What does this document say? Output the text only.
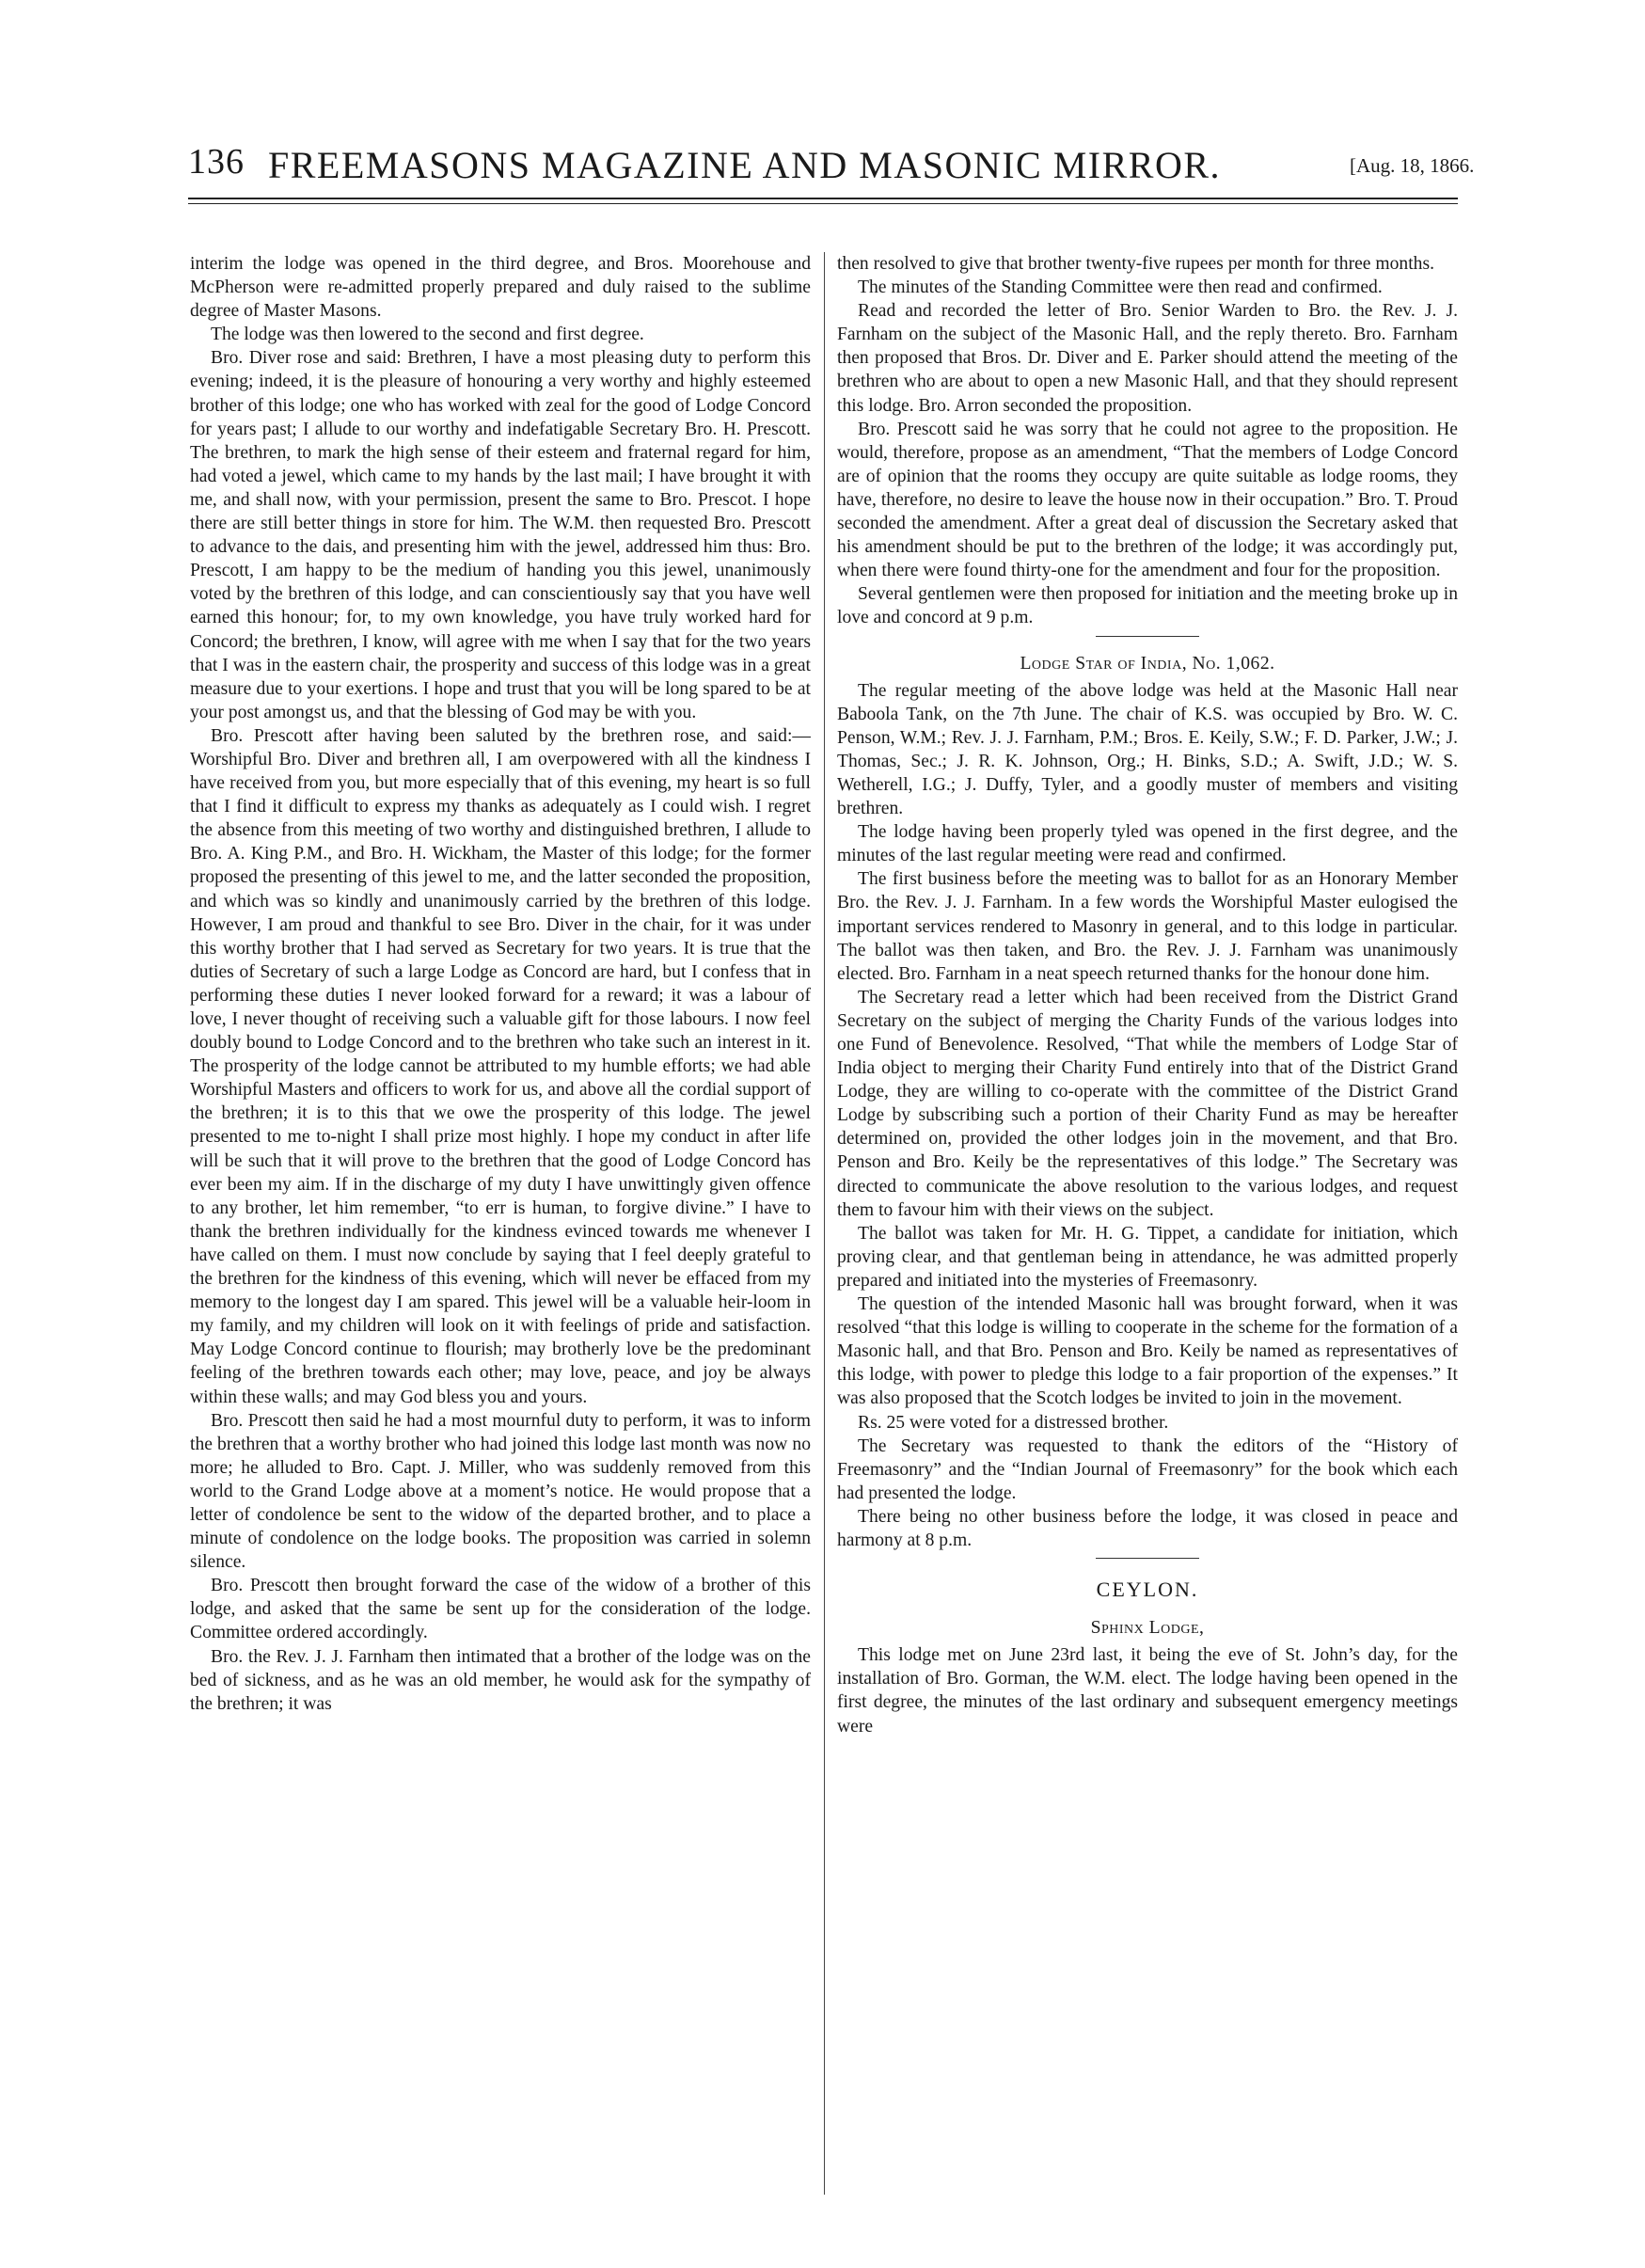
136 FREEMASONS MAGAZINE AND MASONIC MIRROR.	[Aug. 18, 1866.

interim the lodge was opened in the third degree, and Bros. Moorehouse and McPherson were re-admitted properly prepared and duly raised to the sublime degree of Master Masons.

The lodge was then lowered to the second and first degree.

Bro. Diver rose and said: Brethren, I have a most pleasing duty to perform this evening; indeed, it is the pleasure of honouring a very worthy and highly esteemed brother of this lodge; one who has worked with zeal for the good of Lodge Concord for years past; I allude to our worthy and indefatigable Secretary Bro. H. Prescott. The brethren, to mark the high sense of their esteem and fraternal regard for him, had voted a jewel, which came to my hands by the last mail; I have brought it with me, and shall now, with your permission, present the same to Bro. Prescot. I hope there are still better things in store for him. The W.M. then requested Bro. Prescott to advance to the dais, and presenting him with the jewel, addressed him thus: Bro. Prescott, I am happy to be the medium of handing you this jewel, unanimously voted by the brethren of this lodge, and can conscientiously say that you have well earned this honour; for, to my own knowledge, you have truly worked hard for Concord; the brethren, I know, will agree with me when I say that for the two years that I was in the eastern chair, the prosperity and success of this lodge was in a great measure due to your exertions. I hope and trust that you will be long spared to be at your post amongst us, and that the blessing of God may be with you.

Bro. Prescott after having been saluted by the brethren rose, and said:—Worshipful Bro. Diver and brethren all, I am overpowered with all the kindness I have received from you, but more especially that of this evening, my heart is so full that I find it difficult to express my thanks as adequately as I could wish. I regret the absence from this meeting of two worthy and distinguished brethren, I allude to Bro. A. King P.M., and Bro. H. Wickham, the Master of this lodge; for the former proposed the presenting of this jewel to me, and the latter seconded the proposition, and which was so kindly and unanimously carried by the brethren of this lodge. However, I am proud and thankful to see Bro. Diver in the chair, for it was under this worthy brother that I had served as Secretary for two years. It is true that the duties of Secretary of such a large Lodge as Concord are hard, but I confess that in performing these duties I never looked forward for a reward; it was a labour of love, I never thought of receiving such a valuable gift for those labours. I now feel doubly bound to Lodge Concord and to the brethren who take such an interest in it. The prosperity of the lodge cannot be attributed to my humble efforts; we had able Worshipful Masters and officers to work for us, and above all the cordial support of the brethren; it is to this that we owe the prosperity of this lodge. The jewel presented to me to-night I shall prize most highly. I hope my conduct in after life will be such that it will prove to the brethren that the good of Lodge Concord has ever been my aim. If in the discharge of my duty I have unwittingly given offence to any brother, let him remember, “to err is human, to forgive divine.” I have to thank the brethren individually for the kindness evinced towards me whenever I have called on them. I must now conclude by saying that I feel deeply grateful to the brethren for the kindness of this evening, which will never be effaced from my memory to the longest day I am spared. This jewel will be a valuable heir-loom in my family, and my children will look on it with feelings of pride and satisfaction. May Lodge Concord continue to flourish; may brotherly love be the predominant feeling of the brethren towards each other; may love, peace, and joy be always within these walls; and may God bless you and yours.

Bro. Prescott then said he had a most mournful duty to perform, it was to inform the brethren that a worthy brother who had joined this lodge last month was now no more; he alluded to Bro. Capt. J. Miller, who was suddenly removed from this world to the Grand Lodge above at a moment’s notice. He would propose that a letter of condolence be sent to the widow of the departed brother, and to place a minute of condolence on the lodge books. The proposition was carried in solemn silence.

Bro. Prescott then brought forward the case of the widow of a brother of this lodge, and asked that the same be sent up for the consideration of the lodge. Committee ordered accordingly.

Bro. the Rev. J. J. Farnham then intimated that a brother of the lodge was on the bed of sickness, and as he was an old member, he would ask for the sympathy of the brethren; it was

then resolved to give that brother twenty-five rupees per month for three months.

The minutes of the Standing Committee were then read and confirmed.

Read and recorded the letter of Bro. Senior Warden to Bro. the Rev. J. J. Farnham on the subject of the Masonic Hall, and the reply thereto. Bro. Farnham then proposed that Bros. Dr. Diver and E. Parker should attend the meeting of the brethren who are about to open a new Masonic Hall, and that they should represent this lodge. Bro. Arron seconded the proposition.

Bro. Prescott said he was sorry that he could not agree to the proposition. He would, therefore, propose as an amendment, “That the members of Lodge Concord are of opinion that the rooms they occupy are quite suitable as lodge rooms, they have, therefore, no desire to leave the house now in their occupation.” Bro. T. Proud seconded the amendment. After a great deal of discussion the Secretary asked that his amendment should be put to the brethren of the lodge; it was accordingly put, when there were found thirty-one for the amendment and four for the proposition.

Several gentlemen were then proposed for initiation and the meeting broke up in love and concord at 9 p.m.

Lodge Star of India, No. 1,062.

The regular meeting of the above lodge was held at the Masonic Hall near Baboola Tank, on the 7th June. The chair of K.S. was occupied by Bro. W. C. Penson, W.M.; Rev. J. J. Farnham, P.M.; Bros. E. Keily, S.W.; F. D. Parker, J.W.; J. Thomas, Sec.; J. R. K. Johnson, Org.; H. Binks, S.D.; A. Swift, J.D.; W. S. Wetherell, I.G.; J. Duffy, Tyler, and a goodly muster of members and visiting brethren.

The lodge having been properly tyled was opened in the first degree, and the minutes of the last regular meeting were read and confirmed.

The first business before the meeting was to ballot for as an Honorary Member Bro. the Rev. J. J. Farnham. In a few words the Worshipful Master eulogised the important services rendered to Masonry in general, and to this lodge in particular. The ballot was then taken, and Bro. the Rev. J. J. Farnham was unanimously elected. Bro. Farnham in a neat speech returned thanks for the honour done him.

The Secretary read a letter which had been received from the District Grand Secretary on the subject of merging the Charity Funds of the various lodges into one Fund of Benevolence. Resolved, “That while the members of Lodge Star of India object to merging their Charity Fund entirely into that of the District Grand Lodge, they are willing to co-operate with the committee of the District Grand Lodge by subscribing such a portion of their Charity Fund as may be hereafter determined on, provided the other lodges join in the movement, and that Bro. Penson and Bro. Keily be the representatives of this lodge.” The Secretary was directed to communicate the above resolution to the various lodges, and request them to favour him with their views on the subject.

The ballot was taken for Mr. H. G. Tippet, a candidate for initiation, which proving clear, and that gentleman being in attendance, he was admitted properly prepared and initiated into the mysteries of Freemasonry.

The question of the intended Masonic hall was brought forward, when it was resolved “that this lodge is willing to cooperate in the scheme for the formation of a Masonic hall, and that Bro. Penson and Bro. Keily be named as representatives of this lodge, with power to pledge this lodge to a fair proportion of the expenses.” It was also proposed that the Scotch lodges be invited to join in the movement.

Rs. 25 were voted for a distressed brother.

The Secretary was requested to thank the editors of the “History of Freemasonry” and the “Indian Journal of Freemasonry” for the book which each had presented the lodge.

There being no other business before the lodge, it was closed in peace and harmony at 8 p.m.

CEYLON.

Sphinx Lodge,

This lodge met on June 23rd last, it being the eve of St. John’s day, for the installation of Bro. Gorman, the W.M. elect. The lodge having been opened in the first degree, the minutes of the last ordinary and subsequent emergency meetings were
